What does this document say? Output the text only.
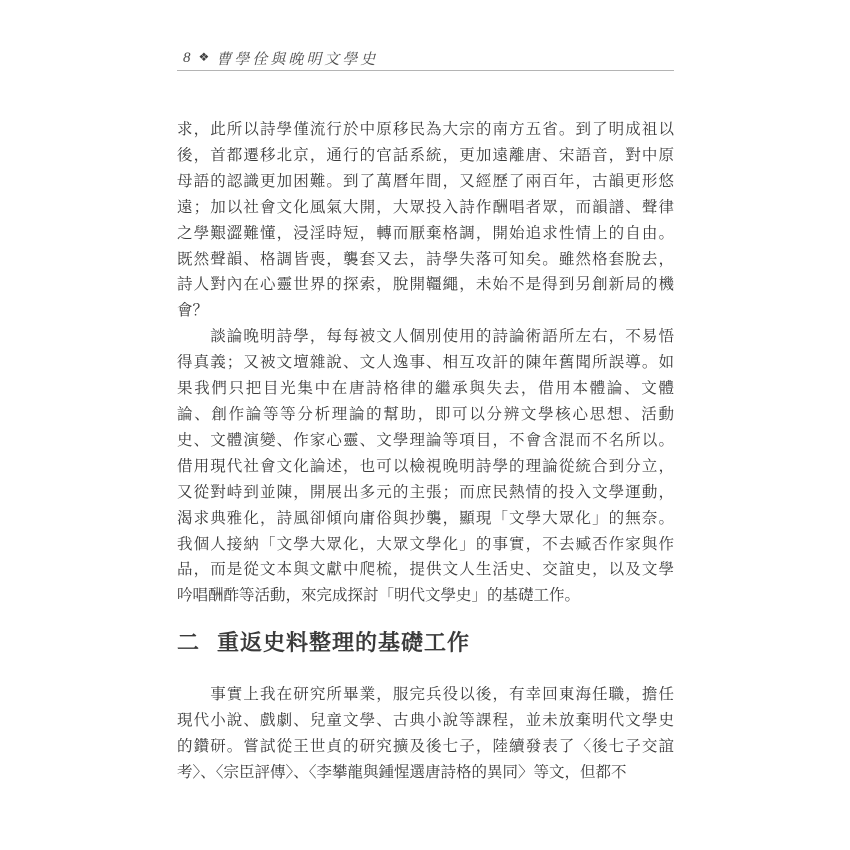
8 ❖ 曹學佺與晚明文學史
求，此所以詩學僅流行於中原移民為大宗的南方五省。到了明成祖以
後，首都遷移北京，通行的官話系統，更加遠離唐、宋語音，對中原
母語的認識更加困難。到了萬曆年間，又經歷了兩百年，古韻更形悠
遠；加以社會文化風氣大開，大眾投入詩作酬唱者眾，而韻譜、聲律
之學艱澀難懂，浸淫時短，轉而厭棄格調，開始追求性情上的自由。
既然聲韻、格調皆喪，襲套又去，詩學失落可知矣。雖然格套脫去，
詩人對內在心靈世界的探索，脫開韁繩，未始不是得到另創新局的機
會？
　　談論晚明詩學，每每被文人個別使用的詩論術語所左右，不易悟
得真義；又被文壇雜說、文人逸事、相互攻訐的陳年舊聞所誤導。如
果我們只把目光集中在唐詩格律的繼承與失去，借用本體論、文體
論、創作論等等分析理論的幫助，即可以分辨文學核心思想、活動
史、文體演變、作家心靈、文學理論等項目，不會含混而不名所以。
借用現代社會文化論述，也可以檢視晚明詩學的理論從統合到分立，
又從對峙到並陳，開展出多元的主張；而庶民熱情的投入文學運動，
渴求典雅化，詩風卻傾向庸俗與抄襲，顯現「文學大眾化」的無奈。
我個人接納「文學大眾化，大眾文學化」的事實，不去臧否作家與作
品，而是從文本與文獻中爬梳，提供文人生活史、交誼史，以及文學
吟唱酬酢等活動，來完成探討「明代文學史」的基礎工作。
二 重返史料整理的基礎工作
　　事實上我在研究所畢業，服完兵役以後，有幸回東海任職，擔任
現代小說、戲劇、兒童文學、古典小說等課程，並未放棄明代文學史
的鑽研。嘗試從王世貞的研究擴及後七子，陸續發表了〈後七子交誼
考〉、〈宗臣評傳〉、〈李攀龍與鍾惺選唐詩格的異同〉等文，但都不
